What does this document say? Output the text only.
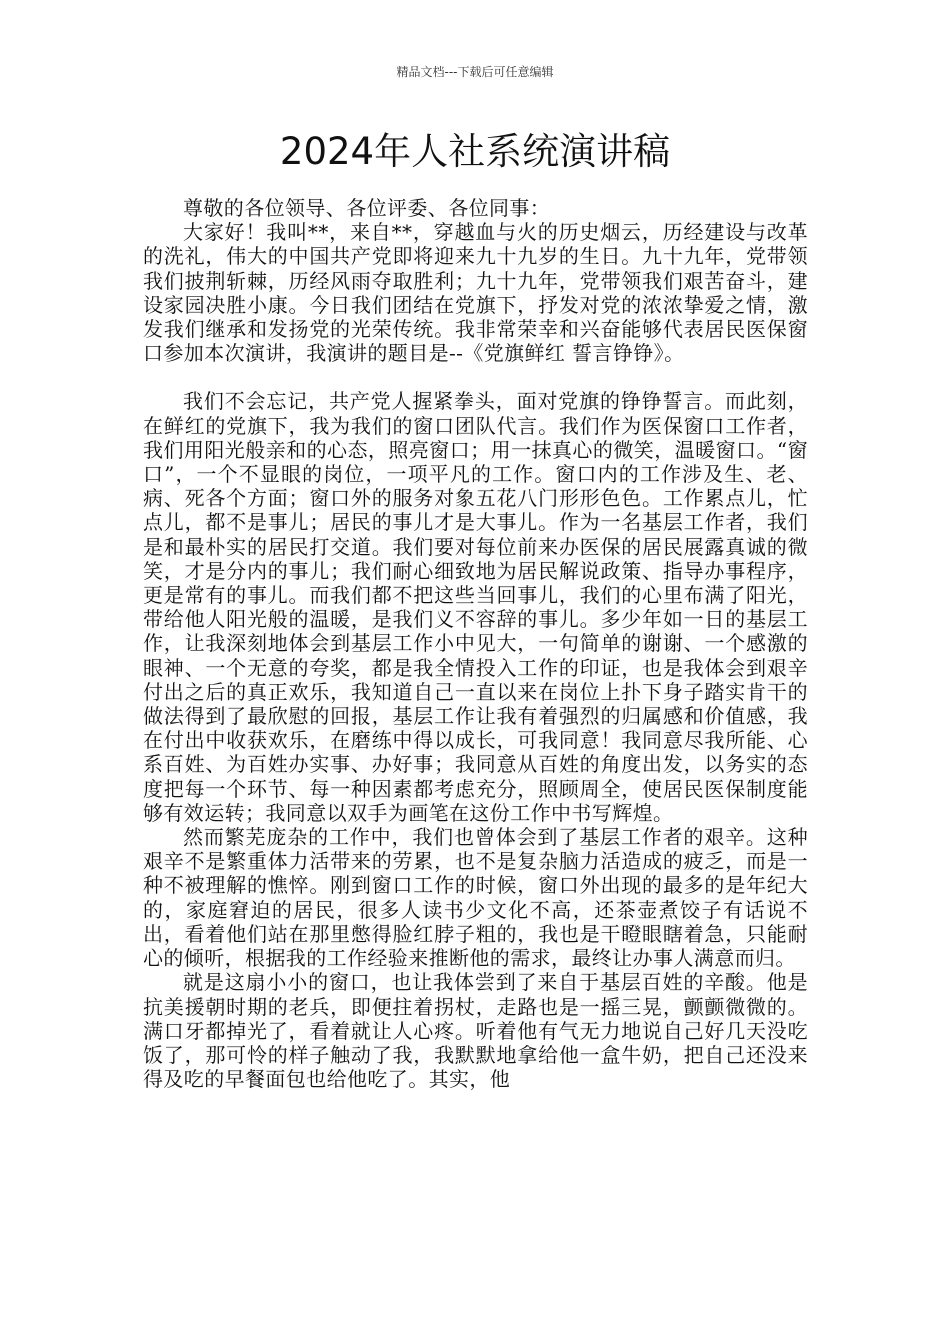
精品文档---下载后可任意编辑
2024年人社系统演讲稿

尊敬的各位领导、各位评委、各位同事：

大家好！我叫**，来自**，穿越血与火的历史烟云，历经建设与改革的洗礼，伟大的中国共产党即将迎来九十九岁的生日。九十九年，党带领我们披荆斩棘，历经风雨夺取胜利；九十九年，党带领我们艰苦奋斗，建设家园决胜小康。今日我们团结在党旗下，抒发对党的浓浓挚爱之情，激发我们继承和发扬党的光荣传统。我非常荣幸和兴奋能够代表居民医保窗口参加本次演讲，我演讲的题目是--《党旗鲜红 誓言铮铮》。

我们不会忘记，共产党人握紧拳头，面对党旗的铮铮誓言。而此刻，在鲜红的党旗下，我为我们的窗口团队代言。我们作为医保窗口工作者，我们用阳光般亲和的心态，照亮窗口；用一抹真心的微笑，温暖窗口。“窗口”，一个不显眼的岗位，一项平凡的工作。窗口内的工作涉及生、老、病、死各个方面；窗口外的服务对象五花八门形形色色。工作累点儿，忙点儿，都不是事儿；居民的事儿才是大事儿。作为一名基层工作者，我们是和最朴实的居民打交道。我们要对每位前来办医保的居民展露真诚的微笑，才是分内的事儿；我们耐心细致地为居民解说政策、指导办事程序，更是常有的事儿。而我们都不把这些当回事儿，我们的心里布满了阳光，带给他人阳光般的温暖，是我们义不容辞的事儿。多少年如一日的基层工作，让我深刻地体会到基层工作小中见大，一句简单的谢谢、一个感激的眼神、一个无意的夸奖，都是我全情投入工作的印证，也是我体会到艰辛付出之后的真正欢乐，我知道自己一直以来在岗位上扑下身子踏实肯干的做法得到了最欣慰的回报，基层工作让我有着强烈的归属感和价值感，我在付出中收获欢乐，在磨练中得以成长，可我同意！我同意尽我所能、心系百姓、为百姓办实事、办好事；我同意从百姓的角度出发，以务实的态度把每一个环节、每一种因素都考虑充分，照顾周全，使居民医保制度能够有效运转；我同意以双手为画笔在这份工作中书写辉煌。

然而繁芜庞杂的工作中，我们也曾体会到了基层工作者的艰辛。这种艰辛不是繁重体力活带来的劳累，也不是复杂脑力活造成的疲乏，而是一种不被理解的憔悴。刚到窗口工作的时候，窗口外出现的最多的是年纪大的，家庭窘迫的居民，很多人读书少文化不高，还茶壶煮饺子有话说不出，看着他们站在那里憋得脸红脖子粗的，我也是干瞪眼瞎着急，只能耐心的倾听，根据我的工作经验来推断他的需求，最终让办事人满意而归。

就是这扇小小的窗口，也让我体尝到了来自于基层百姓的辛酸。他是抗美援朝时期的老兵，即便拄着拐杖，走路也是一摇三晃，颤颤微微的。满口牙都掉光了，看着就让人心疼。听着他有气无力地说自己好几天没吃饭了，那可怜的样子触动了我，我默默地拿给他一盒牛奶，把自己还没来得及吃的早餐面包也给他吃了。其实，他
